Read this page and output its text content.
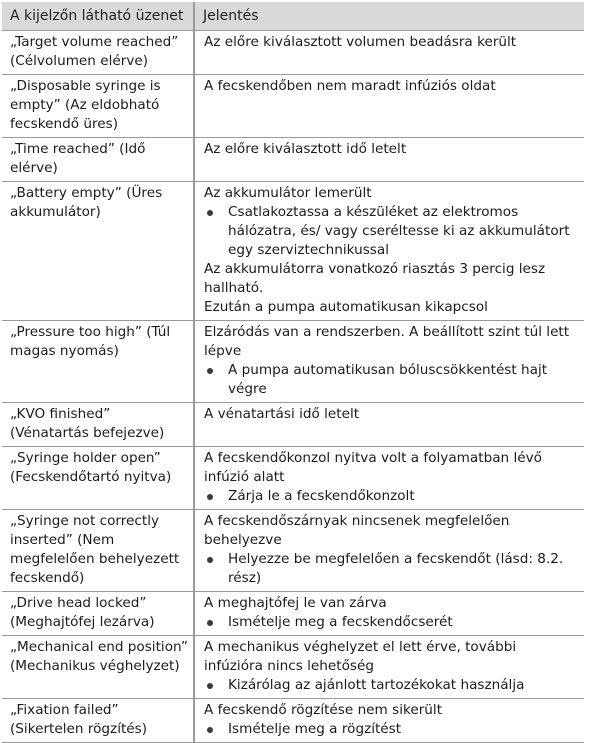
A kijelzőn látható üzenet	Jelentés
„Target volume reached” (Célvolumen elérve)	Az előre kiválasztott volumen beadásra került

„Disposable syringe is empty” (Az eldobható fecskendő üres)	A fecskendőben nem maradt infúziós oldat

„Time reached” (Idő elérve)	Az előre kiválasztott idő letelt

„Battery empty” (Üres akkumulátor)	Az akkumulátor lemerült
Csatlakoztassa a készüléket az elektromos hálózatra, és/ vagy cseréltesse ki az akkumulátort egy szerviztechnikussal
Az akkumulátorra vonatkozó riasztás 3 percig lesz hallható.
Ezután a pumpa automatikusan kikapcsol

„Pressure too high” (Túl magas nyomás)	Elzáródás van a rendszerben. A beállított szint túl lett lépve
A pumpa automatikusan bóluscsökkentést hajt végre

„KVO finished” (Vénatartás befejezve)	A vénatartási idő letelt

„Syringe holder open” (Fecskendőtartó nyitva)	A fecskendőkonzol nyitva volt a folyamatban lévő infúzió alatt
Zárja le a fecskendőkonzolt

„Syringe not correctly inserted” (Nem megfelelően behelyezett fecskendő)	A fecskendőszárnyak nincsenek megfelelően behelyezve
Helyezze be megfelelően a fecskendőt (lásd: 8.2. rész)

„Drive head locked” (Meghajtófej lezárva)	A meghajtófej le van zárva
Ismételje meg a fecskendőcserét

„Mechanical end position” (Mechanikus véghelyzet)	A mechanikus véghelyzet el lett érve, további infúzióra nincs lehetőség
Kizárólag az ajánlott tartozékokat használja

„Fixation failed” (Sikertelen rögzítés)	A fecskendő rögzítése nem sikerült
Ismételje meg a rögzítést
